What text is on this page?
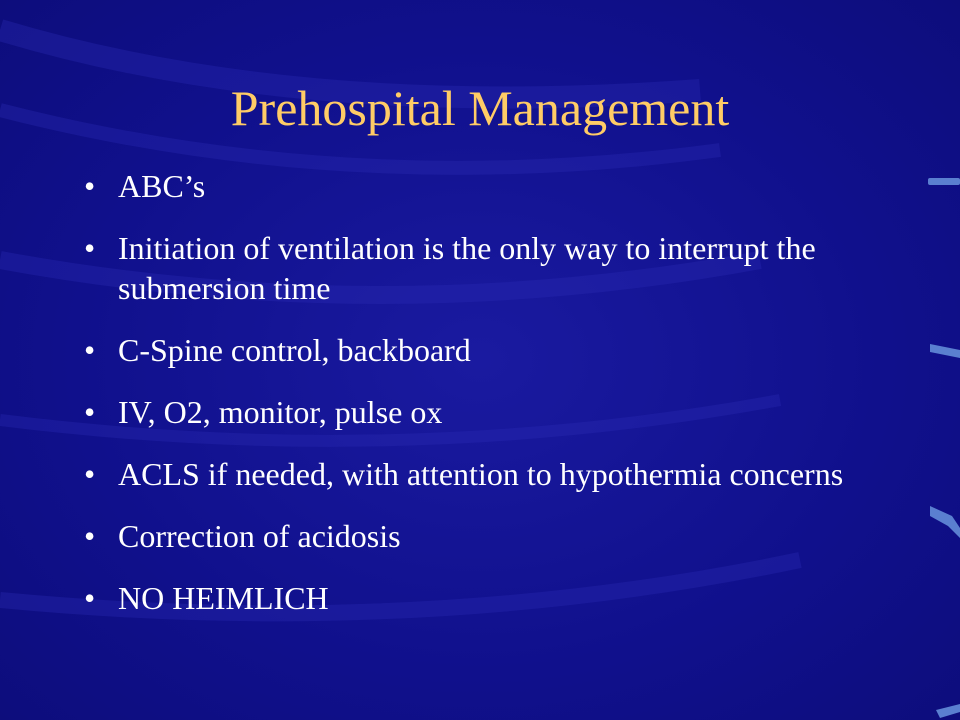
Prehospital Management
• ABC’s
• Initiation of ventilation is the only way to interrupt the submersion time
• C-Spine control, backboard
• IV, O2, monitor, pulse ox
• ACLS if needed, with attention to hypothermia concerns
• Correction of acidosis
• NO HEIMLICH
